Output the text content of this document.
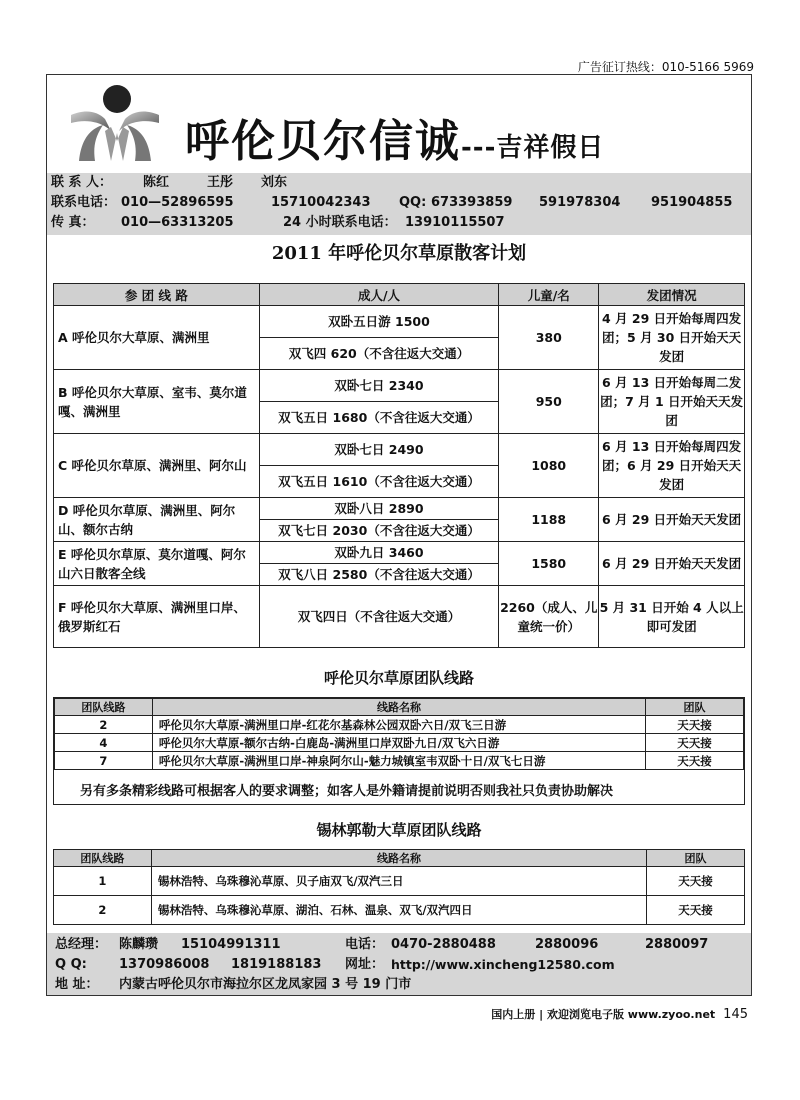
广告征订热线：010-5166 5969
呼伦贝尔信诚---吉祥假日
联 系 人： 陈红	王彤 刘东
联系电话： 010—52896595	15710042343 QQ: 673393859 591978304 951904855
传 真： 010—63313205	24 小时联系电话： 13910115507
2011 年呼伦贝尔草原散客计划
参 团 线 路	成人/人	儿童/名	发团情况
A 呼伦贝尔大草原、满洲里	双卧五日游 1500	380	4 月 29 日开始每周四发团；5 月 30 日开始天天发团
	双飞四 620（不含往返大交通）		
B 呼伦贝尔大草原、室韦、莫尔道嘎、满洲里	双卧七日 2340	950	6 月 13 日开始每周二发团；7 月 1 日开始天天发团
	双飞五日 1680（不含往返大交通）		
C 呼伦贝尔草原、满洲里、阿尔山	双卧七日 2490	1080	6 月 13 日开始每周四发团；6 月 29 日开始天天发团
	双飞五日 1610（不含往返大交通）		
D 呼伦贝尔草原、满洲里、阿尔山、额尔古纳	双卧八日 2890	1188	6 月 29 日开始天天发团
	双飞七日 2030（不含往返大交通）		
E 呼伦贝尔草原、莫尔道嘎、阿尔山六日散客全线	双卧九日 3460	1580	6 月 29 日开始天天发团
	双飞八日 2580（不含往返大交通）		
F 呼伦贝尔大草原、满洲里口岸、俄罗斯红石	双飞四日（不含往返大交通）	2260（成人、儿童统一价）	5 月 31 日开始 4 人以上即可发团
呼伦贝尔草原团队线路
团队线路	线路名称	团队
2	呼伦贝尔大草原-满洲里口岸-红花尔基森林公园双卧六日/双飞三日游	天天接
4	呼伦贝尔大草原-额尔古纳-白鹿岛-满洲里口岸双卧九日/双飞六日游	天天接
7	呼伦贝尔大草原-满洲里口岸-神泉阿尔山-魅力城镇室韦双卧十日/双飞七日游	天天接
另有多条精彩线路可根据客人的要求调整；如客人是外籍请提前说明否则我社只负责协助解决
锡林郭勒大草原团队线路
团队线路	线路名称	团队
1	锡林浩特、乌珠穆沁草原、贝子庙双飞/双汽三日	天天接
2	锡林浩特、乌珠穆沁草原、湖泊、石林、温泉、双飞/双汽四日	天天接
总经理： 陈麟瓒 15104991311	电话： 0470-2880488	2880096	2880097
Q Q: 1370986008 1819188183 网址： http://www.xincheng12580.com
地 址： 内蒙古呼伦贝尔市海拉尔区龙凤家园 3 号 19 门市
国内上册 | 欢迎浏览电子版 www.zyoo.net 145
